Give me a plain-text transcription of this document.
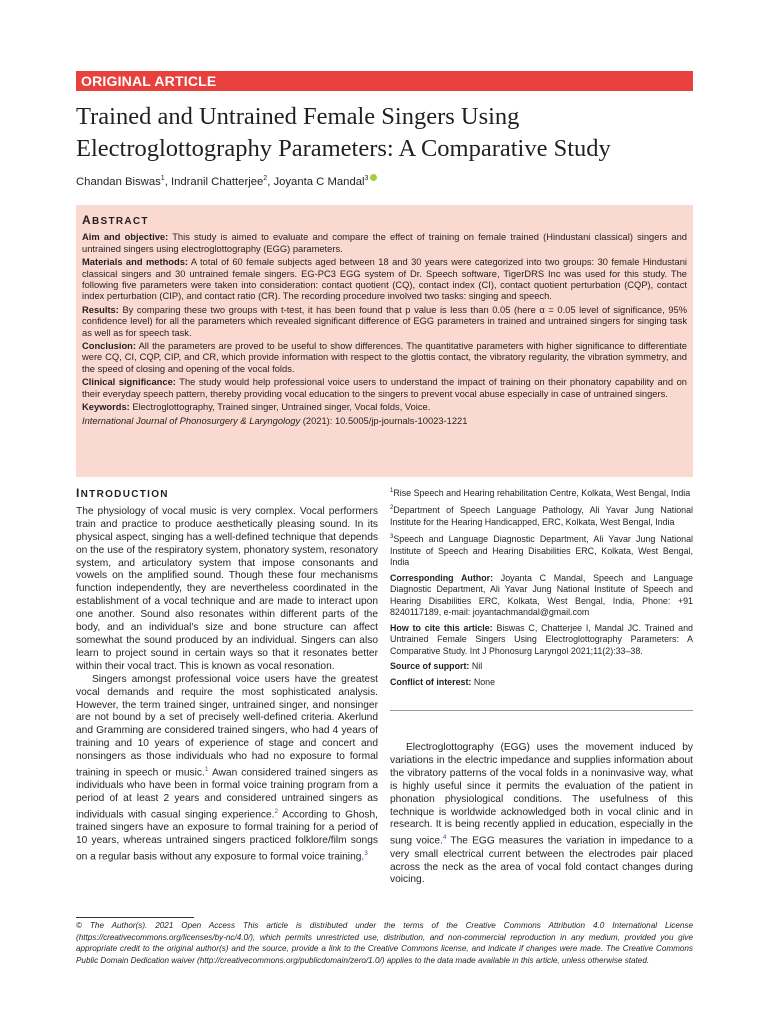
ORIGINAL ARTICLE
Trained and Untrained Female Singers Using
Electroglottography Parameters: A Comparative Study
Chandan Biswas$^1$, Indranil Chatterjee$^2$, Joyanta C Mandal$^3$
ABSTRACT

Aim and objective: This study is aimed to evaluate and compare the effect of training on female trained (Hindustani classical) singers and untrained singers using electroglottography (EGG) parameters.

Materials and methods: A total of 60 female subjects aged between 18 and 30 years were categorized into two groups: 30 female Hindustani classical singers and 30 untrained female singers. EG-PC3 EGG system of Dr. Speech software, TigerDRS Inc was used for this study. The following five parameters were taken into consideration: contact quotient (CQ), contact index (CI), contact quotient perturbation (CQP), contact index perturbation (CIP), and contact ratio (CR). The recording procedure involved two tasks: singing and speech.

Results: By comparing these two groups with t-test, it has been found that p value is less than 0.05 (here α = 0.05 level of significance, 95% confidence level) for all the parameters which revealed significant difference of EGG parameters in trained and untrained singers for singing task as well as for speech task.

Conclusion: All the parameters are proved to be useful to show differences. The quantitative parameters with higher significance to differentiate were CQ, CI, CQP, CIP, and CR, which provide information with respect to the glottis contact, the vibratory regularity, the vibration symmetry, and the speed of closing and opening of the vocal folds.

Clinical significance: The study would help professional voice users to understand the impact of training on their phonatory capability and on their everyday speech pattern, thereby providing vocal education to the singers to prevent vocal abuse especially in case of untrained singers.

Keywords: Electroglottography, Trained singer, Untrained singer, Vocal folds, Voice.

International Journal of Phonosurgery & Laryngology (2021): 10.5005/jp-journals-10023-1221

INTRODUCTION

The physiology of vocal music is very complex. Vocal performers train and practice to produce aesthetically pleasing sound. In its physical aspect, singing has a well-defined technique that depends on the use of the respiratory system, phonatory system, resonatory system, and articulatory system that impose consonants and vowels on the amplified sound. Though these four mechanisms function independently, they are nevertheless coordinated in the establishment of a vocal technique and are made to interact upon one another. Sound also resonates within different parts of the body, and an individual's size and bone structure can affect somewhat the sound produced by an individual. Singers can also learn to project sound in certain ways so that it resonates better within their vocal tract. This is known as vocal resonation.

Singers amongst professional voice users have the greatest vocal demands and require the most sophisticated analysis. However, the term trained singer, untrained singer, and nonsinger are not bound by a set of precisely well-defined criteria. Akerlund and Gramming are considered trained singers, who had 4 years of training and 10 years of experience of stage and concert and nonsingers as those individuals who had no exposure to formal training in speech or music.$^1$ Awan considered trained singers as individuals who have been in formal voice training program from a period of at least 2 years and considered untrained singers as individuals with casual singing experience.$^2$ According to Ghosh, trained singers have an exposure to formal training for a period of 10 years, whereas untrained singers practiced folklore/film songs on a regular basis without any exposure to formal voice training.$^3$

$^1$Rise Speech and Hearing rehabilitation Centre, Kolkata, West Bengal, India

$^2$Department of Speech Language Pathology, Ali Yavar Jung National Institute for the Hearing Handicapped, ERC, Kolkata, West Bengal, India

$^3$Speech and Language Diagnostic Department, Ali Yavar Jung National Institute of Speech and Hearing Disabilities ERC, Kolkata, West Bengal, India

Corresponding Author: Joyanta C Mandal, Speech and Language Diagnostic Department, Ali Yavar Jung National Institute of Speech and Hearing Disabilities ERC, Kolkata, West Bengal, India, Phone: +91 8240117189, e-mail: joyantachmandal@gmail.com

How to cite this article: Biswas C, Chatterjee I, Mandal JC. Trained and Untrained Female Singers Using Electroglottography Parameters: A Comparative Study. Int J Phonosurg Laryngol 2021;11(2):33–38.

Source of support: Nil

Conflict of interest: None

Electroglottography (EGG) uses the movement induced by variations in the electric impedance and supplies information about the vibratory patterns of the vocal folds in a noninvasive way, what is highly useful since it permits the evaluation of the patient in phonation physiological conditions. The usefulness of this technique is worldwide acknowledged both in vocal clinic and in research. It is being recently applied in education, especially in the sung voice.$^4$ The EGG measures the variation in impedance to a very small electrical current between the electrodes pair placed across the neck as the area of vocal fold contact changes during voicing.

© The Author(s). 2021 Open Access This article is distributed under the terms of the Creative Commons Attribution 4.0 International License (https://creativecommons.org/licenses/by-nc/4.0/), which permits unrestricted use, distribution, and non-commercial reproduction in any medium, provided you give appropriate credit to the original author(s) and the source, provide a link to the Creative Commons license, and indicate if changes were made. The Creative Commons Public Domain Dedication waiver (http://creativecommons.org/publicdomain/zero/1.0/) applies to the data made available in this article, unless otherwise stated.
